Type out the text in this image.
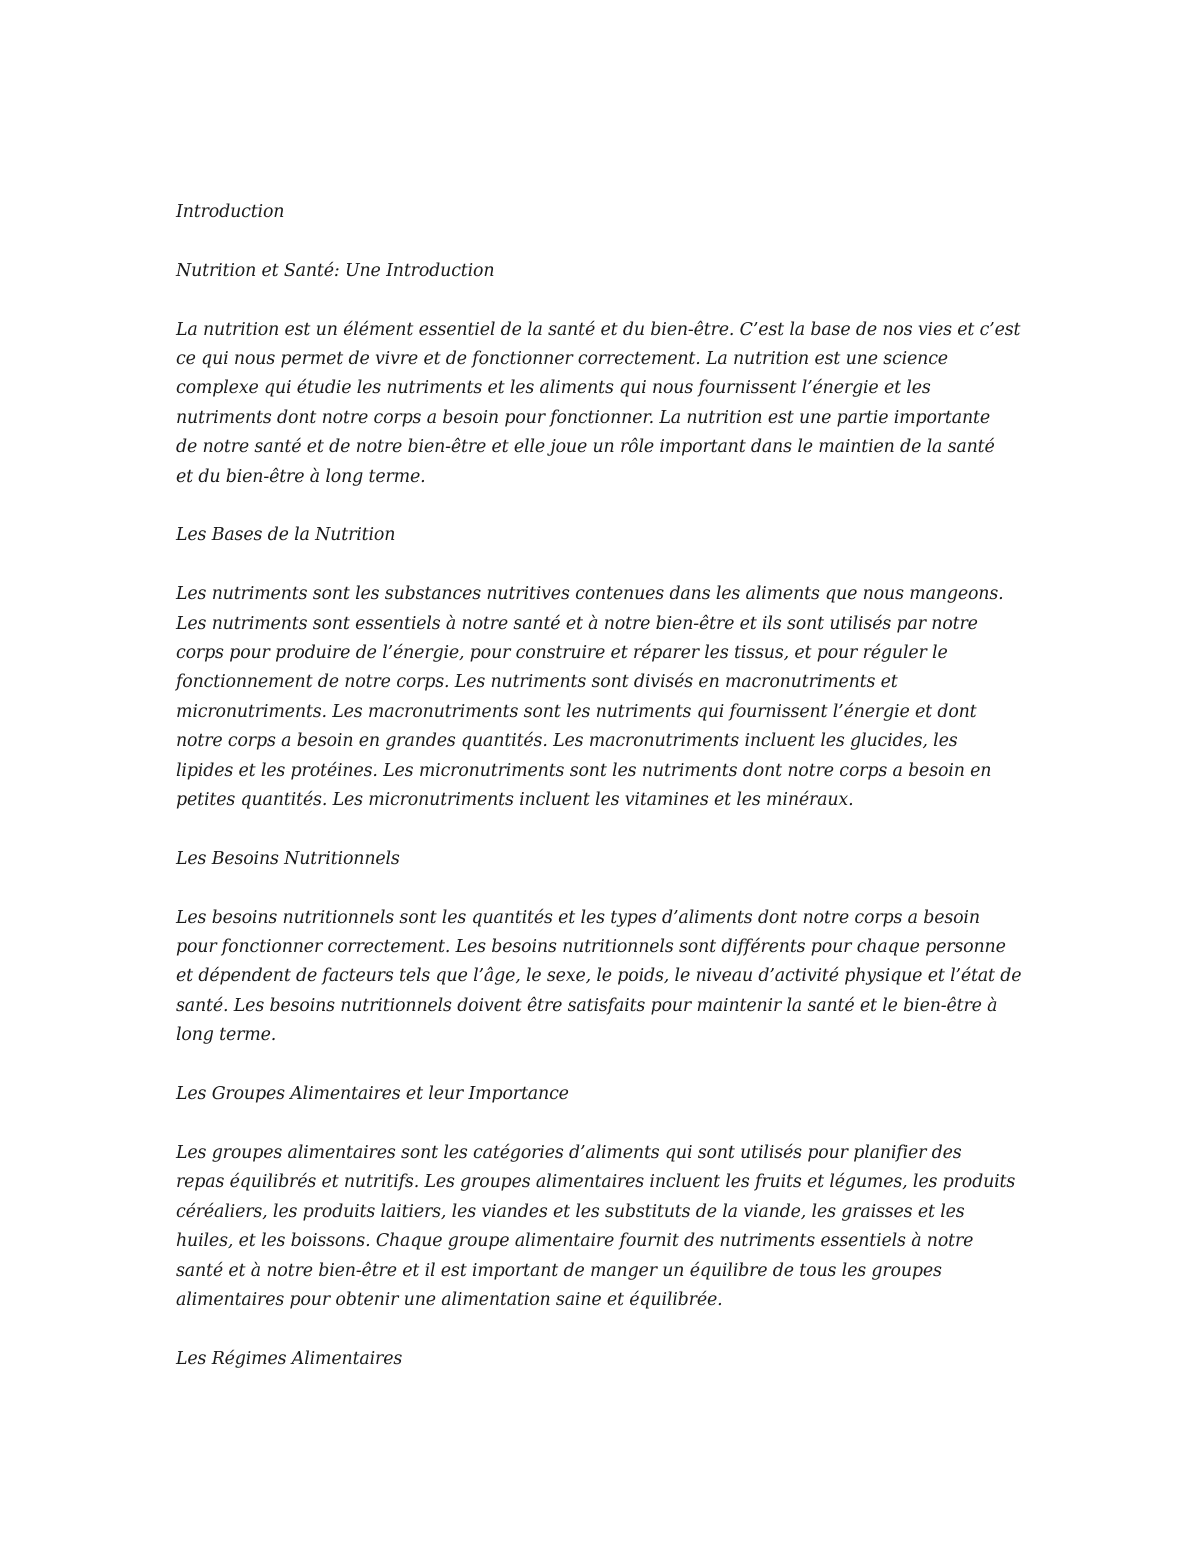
Introduction
Nutrition et Santé: Une Introduction
La nutrition est un élément essentiel de la santé et du bien-être. C’est la base de nos vies et c’est
ce qui nous permet de vivre et de fonctionner correctement. La nutrition est une science
complexe qui étudie les nutriments et les aliments qui nous fournissent l’énergie et les
nutriments dont notre corps a besoin pour fonctionner. La nutrition est une partie importante
de notre santé et de notre bien-être et elle joue un rôle important dans le maintien de la santé
et du bien-être à long terme.
Les Bases de la Nutrition
Les nutriments sont les substances nutritives contenues dans les aliments que nous mangeons.
Les nutriments sont essentiels à notre santé et à notre bien-être et ils sont utilisés par notre
corps pour produire de l’énergie, pour construire et réparer les tissus, et pour réguler le
fonctionnement de notre corps. Les nutriments sont divisés en macronutriments et
micronutriments. Les macronutriments sont les nutriments qui fournissent l’énergie et dont
notre corps a besoin en grandes quantités. Les macronutriments incluent les glucides, les
lipides et les protéines. Les micronutriments sont les nutriments dont notre corps a besoin en
petites quantités. Les micronutriments incluent les vitamines et les minéraux.
Les Besoins Nutritionnels
Les besoins nutritionnels sont les quantités et les types d’aliments dont notre corps a besoin
pour fonctionner correctement. Les besoins nutritionnels sont différents pour chaque personne
et dépendent de facteurs tels que l’âge, le sexe, le poids, le niveau d’activité physique et l’état de
santé. Les besoins nutritionnels doivent être satisfaits pour maintenir la santé et le bien-être à
long terme.
Les Groupes Alimentaires et leur Importance
Les groupes alimentaires sont les catégories d’aliments qui sont utilisés pour planifier des
repas équilibrés et nutritifs. Les groupes alimentaires incluent les fruits et légumes, les produits
céréaliers, les produits laitiers, les viandes et les substituts de la viande, les graisses et les
huiles, et les boissons. Chaque groupe alimentaire fournit des nutriments essentiels à notre
santé et à notre bien-être et il est important de manger un équilibre de tous les groupes
alimentaires pour obtenir une alimentation saine et équilibrée.
Les Régimes Alimentaires
